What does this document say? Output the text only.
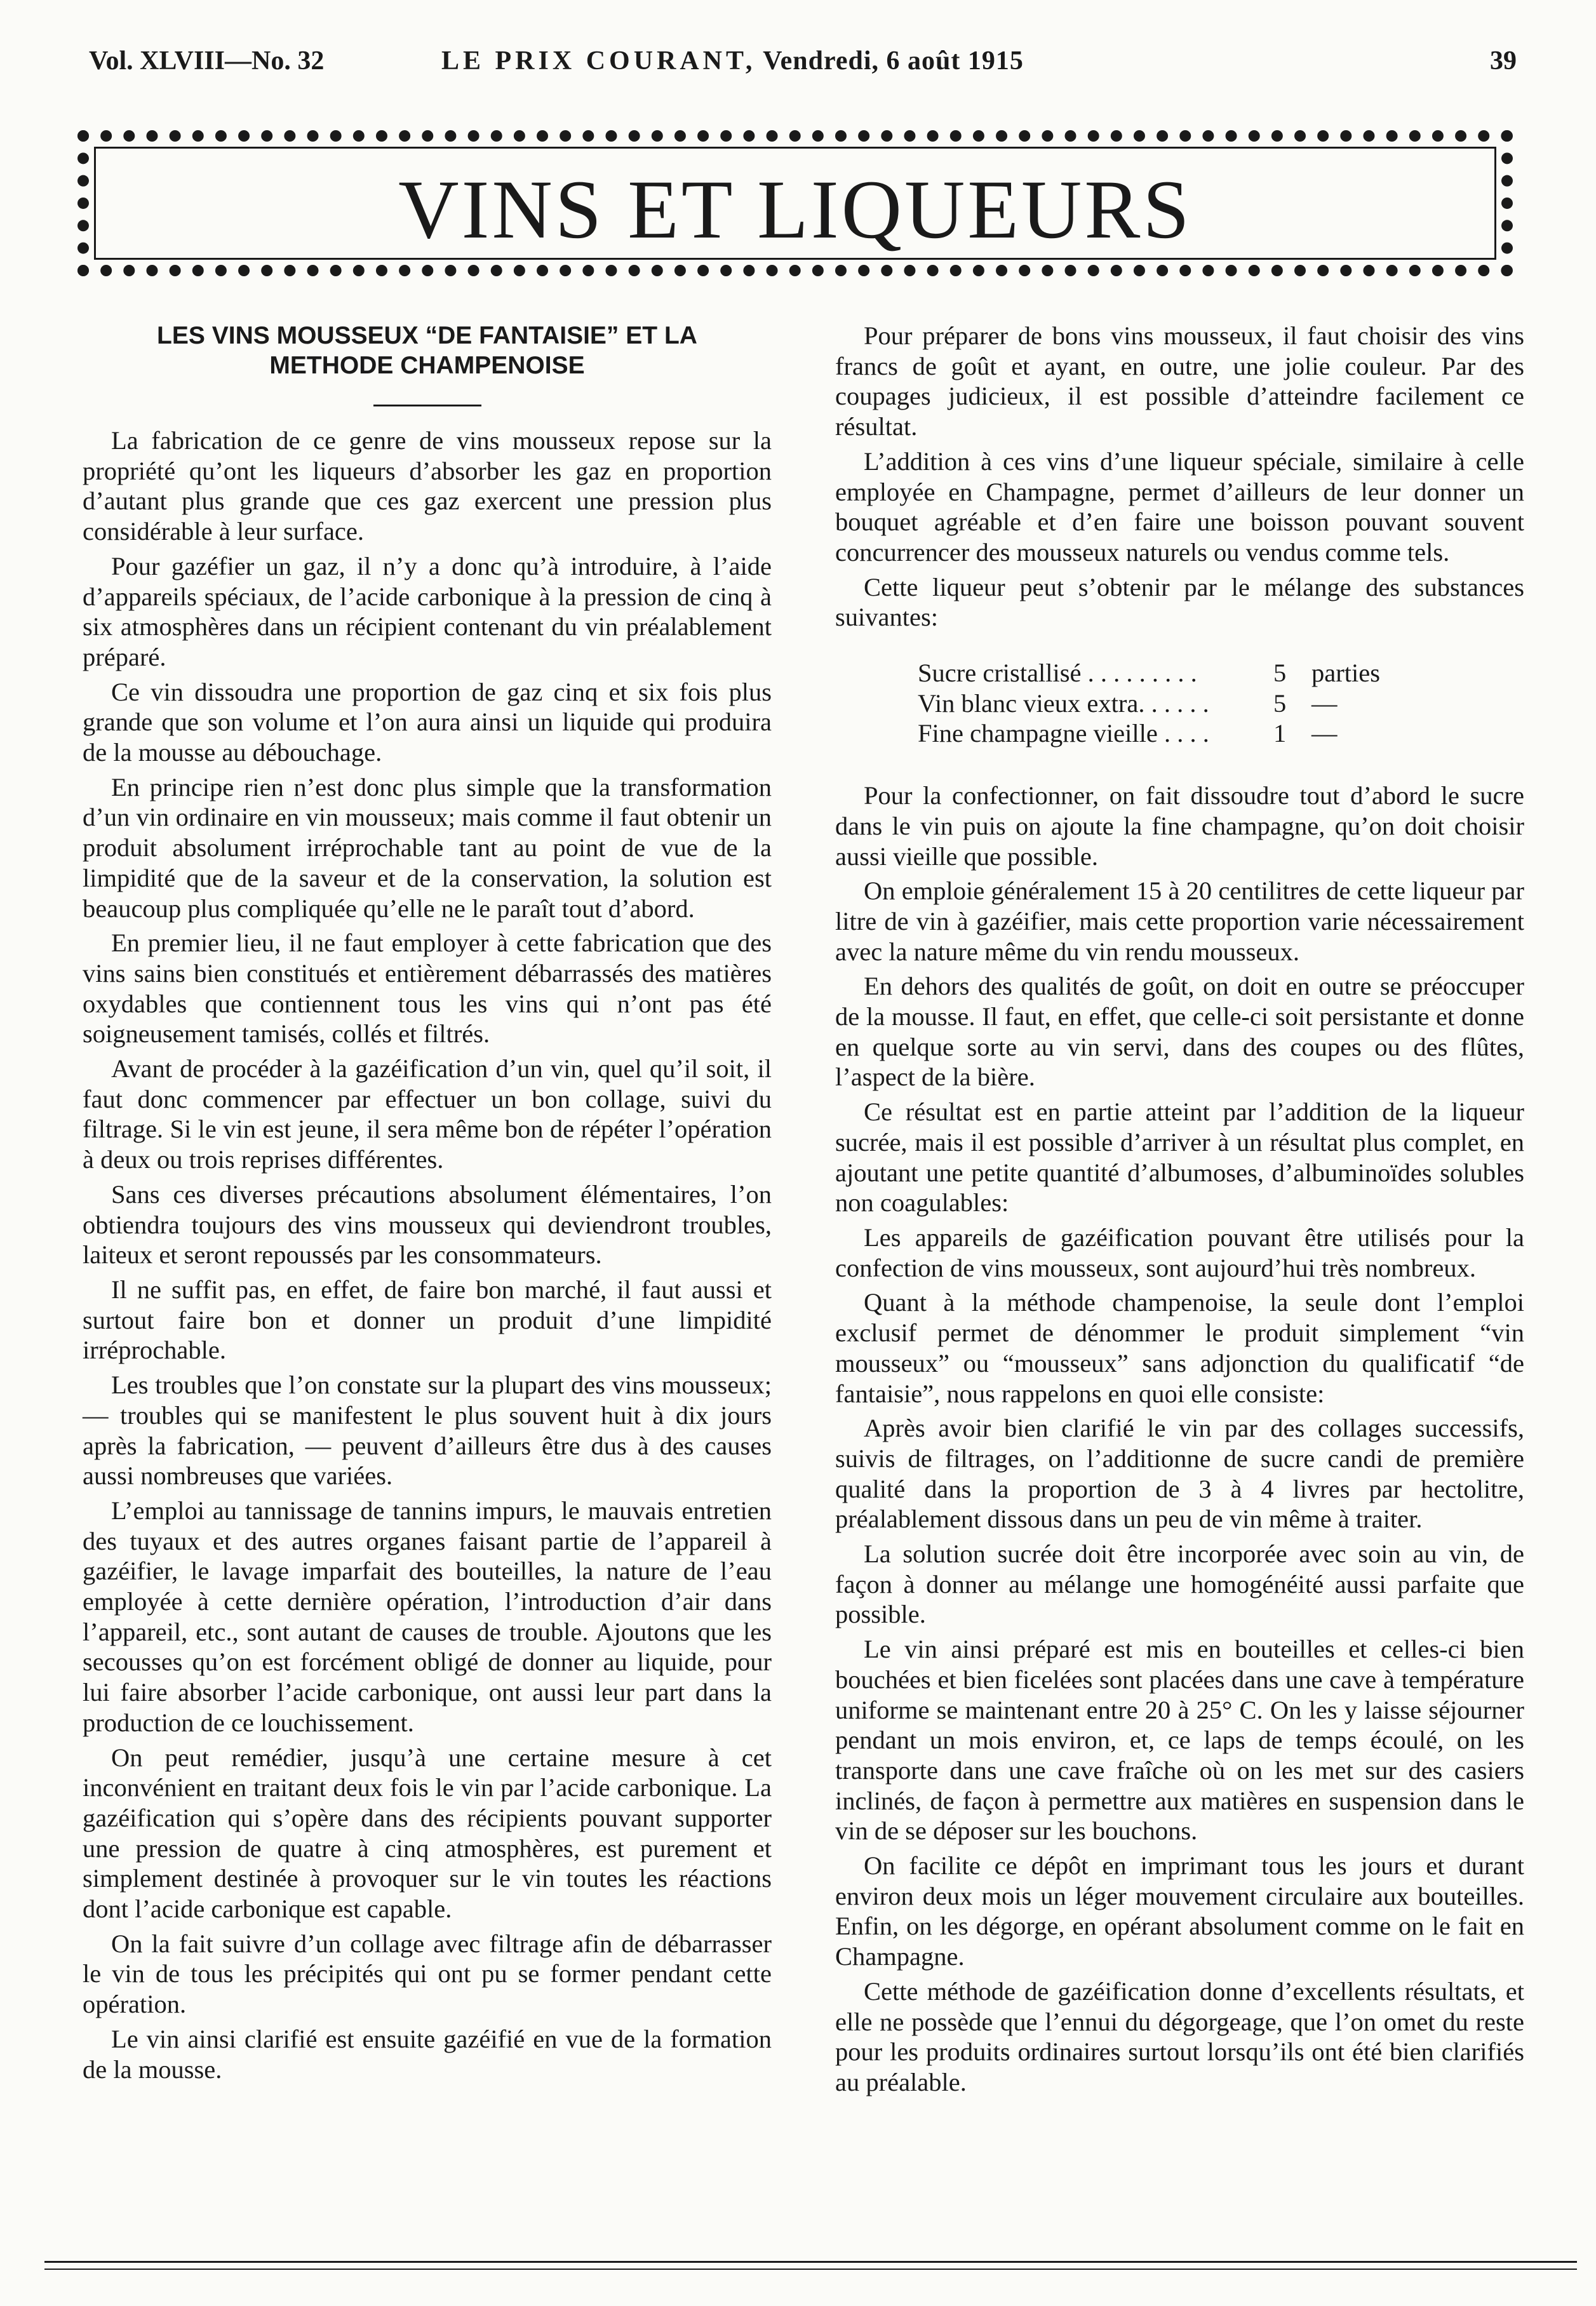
Vol. XLVIII—No. 32	LE PRIX COURANT, Vendredi, 6 août 1915	39
VINS ET LIQUEURS
LES VINS MOUSSEUX “DE FANTAISIE” ET LA METHODE CHAMPENOISE

La fabrication de ce genre de vins mousseux repose sur la propriété qu’ont les liqueurs d’absorber les gaz en proportion d’autant plus grande que ces gaz exercent une pression plus considérable à leur surface.

Pour gazéfier un gaz, il n’y a donc qu’à introduire, à l’aide d’appareils spéciaux, de l’acide carbonique à la pression de cinq à six atmosphères dans un récipient contenant du vin préalablement préparé.

Ce vin dissoudra une proportion de gaz cinq et six fois plus grande que son volume et l’on aura ainsi un liquide qui produira de la mousse au débouchage.

En principe rien n’est donc plus simple que la transformation d’un vin ordinaire en vin mousseux; mais comme il faut obtenir un produit absolument irréprochable tant au point de vue de la limpidité que de la saveur et de la conservation, la solution est beaucoup plus compliquée qu’elle ne le paraît tout d’abord.

En premier lieu, il ne faut employer à cette fabrication que des vins sains bien constitués et entièrement débarrassés des matières oxydables que contiennent tous les vins qui n’ont pas été soigneusement tamisés, collés et filtrés.

Avant de procéder à la gazéification d’un vin, quel qu’il soit, il faut donc commencer par effectuer un bon collage, suivi du filtrage. Si le vin est jeune, il sera même bon de répéter l’opération à deux ou trois reprises différentes.

Sans ces diverses précautions absolument élémentaires, l’on obtiendra toujours des vins mousseux qui deviendront troubles, laiteux et seront repoussés par les consommateurs.

Il ne suffit pas, en effet, de faire bon marché, il faut aussi et surtout faire bon et donner un produit d’une limpidité irréprochable.

Les troubles que l’on constate sur la plupart des vins mousseux; — troubles qui se manifestent le plus souvent huit à dix jours après la fabrication, — peuvent d’ailleurs être dus à des causes aussi nombreuses que variées.

L’emploi au tannissage de tannins impurs, le mauvais entretien des tuyaux et des autres organes faisant partie de l’appareil à gazéifier, le lavage imparfait des bouteilles, la nature de l’eau employée à cette dernière opération, l’introduction d’air dans l’appareil, etc., sont autant de causes de trouble. Ajoutons que les secousses qu’on est forcément obligé de donner au liquide, pour lui faire absorber l’acide carbonique, ont aussi leur part dans la production de ce louchissement.

On peut remédier, jusqu’à une certaine mesure à cet inconvénient en traitant deux fois le vin par l’acide carbonique. La gazéification qui s’opère dans des récipients pouvant supporter une pression de quatre à cinq atmosphères, est purement et simplement destinée à provoquer sur le vin toutes les réactions dont l’acide carbonique est capable.

On la fait suivre d’un collage avec filtrage afin de débarrasser le vin de tous les précipités qui ont pu se former pendant cette opération.

Le vin ainsi clarifié est ensuite gazéifié en vue de la formation de la mousse.

Pour préparer de bons vins mousseux, il faut choisir des vins francs de goût et ayant, en outre, une jolie couleur. Par des coupages judicieux, il est possible d’atteindre facilement ce résultat.

L’addition à ces vins d’une liqueur spéciale, similaire à celle employée en Champagne, permet d’ailleurs de leur donner un bouquet agréable et d’en faire une boisson pouvant souvent concurrencer des mousseux naturels ou vendus comme tels.

Cette liqueur peut s’obtenir par le mélange des substances suivantes:

Sucre cristallisé . . . . . . . . .	5 parties
Vin blanc vieux extra. . . . . .	5 —
Fine champagne vieille . . . .	1 —

Pour la confectionner, on fait dissoudre tout d’abord le sucre dans le vin puis on ajoute la fine champagne, qu’on doit choisir aussi vieille que possible.

On emploie généralement 15 à 20 centilitres de cette liqueur par litre de vin à gazéifier, mais cette proportion varie nécessairement avec la nature même du vin rendu mousseux.

En dehors des qualités de goût, on doit en outre se préoccuper de la mousse. Il faut, en effet, que celle-ci soit persistante et donne en quelque sorte au vin servi, dans des coupes ou des flûtes, l’aspect de la bière.

Ce résultat est en partie atteint par l’addition de la liqueur sucrée, mais il est possible d’arriver à un résultat plus complet, en ajoutant une petite quantité d’albumoses, d’albuminoïdes solubles non coagulables:

Les appareils de gazéification pouvant être utilisés pour la confection de vins mousseux, sont aujourd’hui très nombreux.

Quant à la méthode champenoise, la seule dont l’emploi exclusif permet de dénommer le produit simplement “vin mousseux” ou “mousseux” sans adjonction du qualificatif “de fantaisie”, nous rappelons en quoi elle consiste:

Après avoir bien clarifié le vin par des collages successifs, suivis de filtrages, on l’additionne de sucre candi de première qualité dans la proportion de 3 à 4 livres par hectolitre, préalablement dissous dans un peu de vin même à traiter.

La solution sucrée doit être incorporée avec soin au vin, de façon à donner au mélange une homogénéité aussi parfaite que possible.

Le vin ainsi préparé est mis en bouteilles et celles-ci bien bouchées et bien ficelées sont placées dans une cave à température uniforme se maintenant entre 20 à 25° C. On les y laisse séjourner pendant un mois environ, et, ce laps de temps écoulé, on les transporte dans une cave fraîche où on les met sur des casiers inclinés, de façon à permettre aux matières en suspension dans le vin de se déposer sur les bouchons.

On facilite ce dépôt en imprimant tous les jours et durant environ deux mois un léger mouvement circulaire aux bouteilles. Enfin, on les dégorge, en opérant absolument comme on le fait en Champagne.

Cette méthode de gazéification donne d’excellents résultats, et elle ne possède que l’ennui du dégorgeage, que l’on omet du reste pour les produits ordinaires surtout lorsqu’ils ont été bien clarifiés au préalable.
